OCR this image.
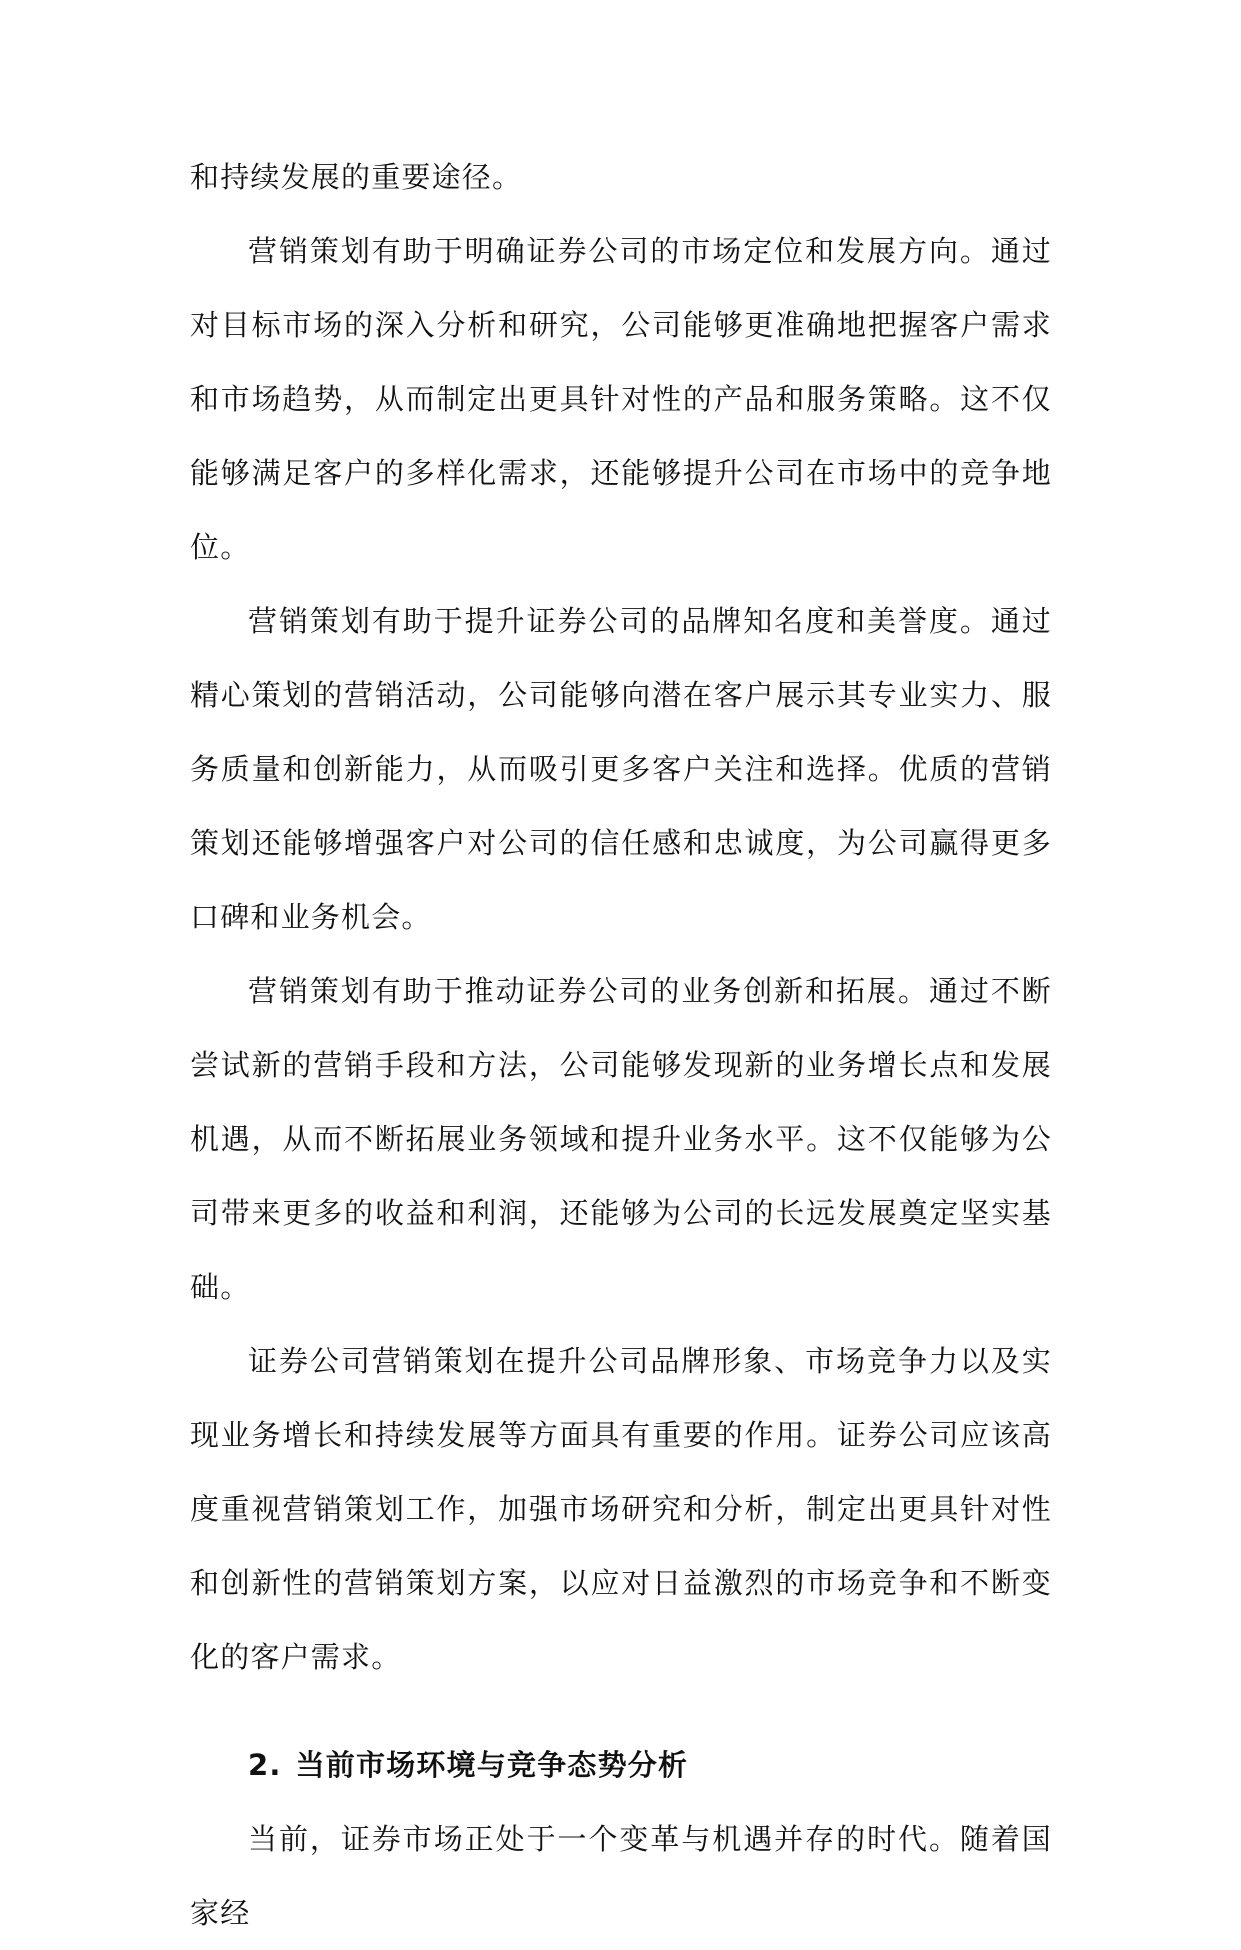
和持续发展的重要途径。

营销策划有助于明确证券公司的市场定位和发展方向。通过对目标市场的深入分析和研究，公司能够更准确地把握客户需求和市场趋势，从而制定出更具针对性的产品和服务策略。这不仅能够满足客户的多样化需求，还能够提升公司在市场中的竞争地位。

营销策划有助于提升证券公司的品牌知名度和美誉度。通过精心策划的营销活动，公司能够向潜在客户展示其专业实力、服务质量和创新能力，从而吸引更多客户关注和选择。优质的营销策划还能够增强客户对公司的信任感和忠诚度，为公司赢得更多口碑和业务机会。

营销策划有助于推动证券公司的业务创新和拓展。通过不断尝试新的营销手段和方法，公司能够发现新的业务增长点和发展机遇，从而不断拓展业务领域和提升业务水平。这不仅能够为公司带来更多的收益和利润，还能够为公司的长远发展奠定坚实基础。

证券公司营销策划在提升公司品牌形象、市场竞争力以及实现业务增长和持续发展等方面具有重要的作用。证券公司应该高度重视营销策划工作，加强市场研究和分析，制定出更具针对性和创新性的营销策划方案，以应对日益激烈的市场竞争和不断变化的客户需求。

2. 当前市场环境与竞争态势分析

当前，证券市场正处于一个变革与机遇并存的时代。随着国家经
